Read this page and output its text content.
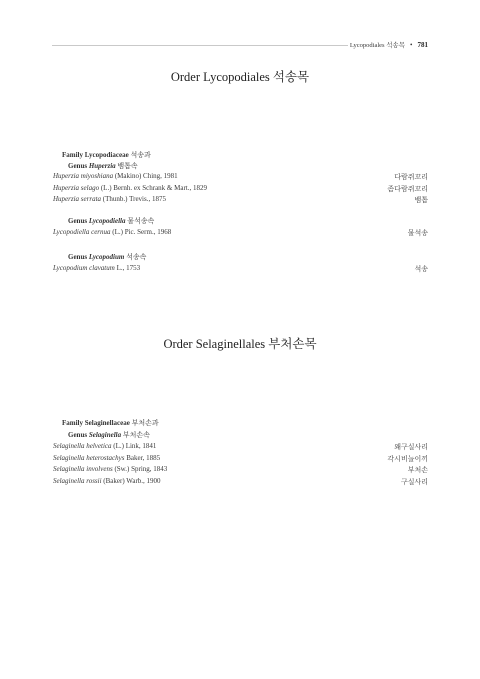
Lycopodiales 석송목 • 781
Order Lycopodiales 석송목
Family Lycopodiaceae 석송과
Genus Huperzia 뱀톱속
Huperzia miyoshiana (Makino) Ching, 1981	다람쥐꼬리
Huperzia selago (L.) Bernh. ex Schrank & Mart., 1829	좀다람쥐꼬리
Huperzia serrata (Thunb.) Trevis., 1875	뱀톱
Genus Lycopodiella 물석송속
Lycopodiella cernua (L.) Pic. Serm., 1968	물석송
Genus Lycopodium 석송속
Lycopodium clavatum L., 1753	석송
Order Selaginellales 부처손목
Family Selaginellaceae 부처손과
Genus Selaginella 부처손속
Selaginella helvetica (L.) Link, 1841	왜구실사리
Selaginella heterostachys Baker, 1885	각시비늘이끼
Selaginella involvens (Sw.) Spring, 1843	부처손
Selaginella rossii (Baker) Warb., 1900	구실사리
